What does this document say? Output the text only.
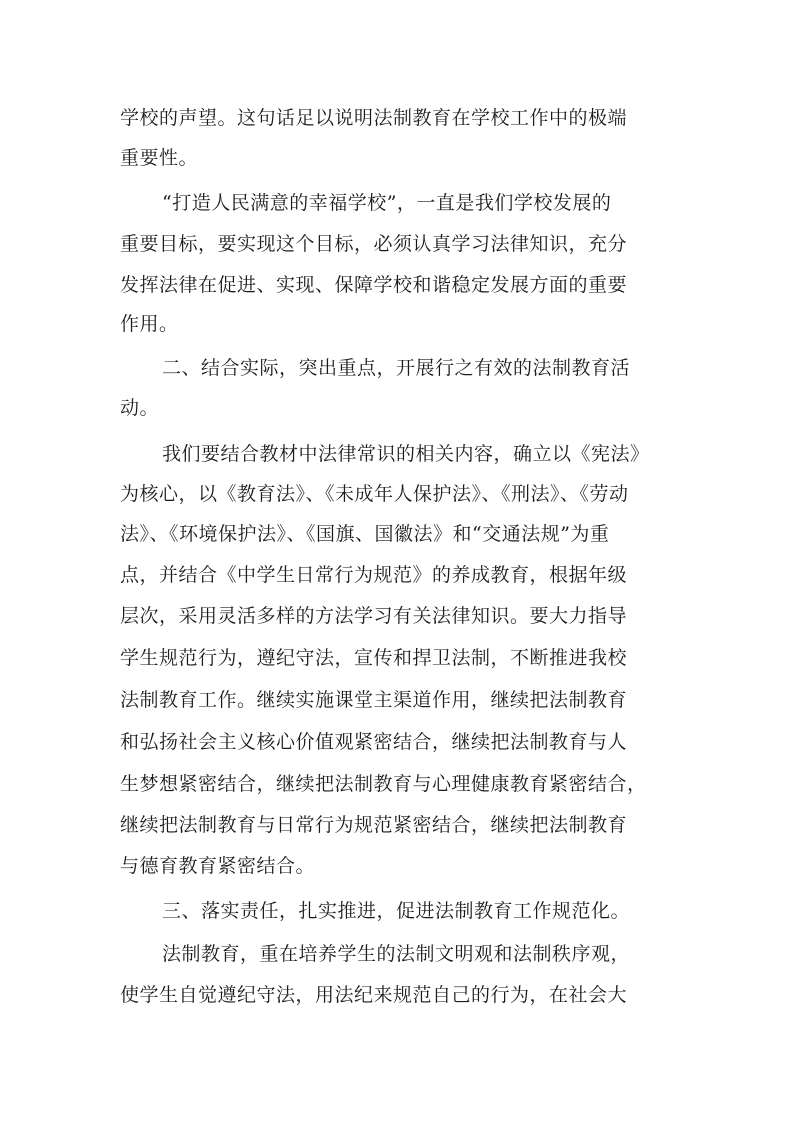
学校的声望。这句话足以说明法制教育在学校工作中的极端
重要性。
“打造人民满意的幸福学校”，一直是我们学校发展的
重要目标，要实现这个目标，必须认真学习法律知识，充分
发挥法律在促进、实现、保障学校和谐稳定发展方面的重要
作用。
二、结合实际，突出重点，开展行之有效的法制教育活
动。
我们要结合教材中法律常识的相关内容，确立以《宪法》
为核心，以《教育法》、《未成年人保护法》、《刑法》、《劳动
法》、《环境保护法》、《国旗、国徽法》和“交通法规”为重
点，并结合《中学生日常行为规范》的养成教育，根据年级
层次，采用灵活多样的方法学习有关法律知识。要大力指导
学生规范行为，遵纪守法，宣传和捍卫法制，不断推进我校
法制教育工作。继续实施课堂主渠道作用，继续把法制教育
和弘扬社会主义核心价值观紧密结合，继续把法制教育与人
生梦想紧密结合，继续把法制教育与心理健康教育紧密结合，
继续把法制教育与日常行为规范紧密结合，继续把法制教育
与德育教育紧密结合。
三、落实责任，扎实推进，促进法制教育工作规范化。
法制教育，重在培养学生的法制文明观和法制秩序观，
使学生自觉遵纪守法，用法纪来规范自己的行为，在社会大
